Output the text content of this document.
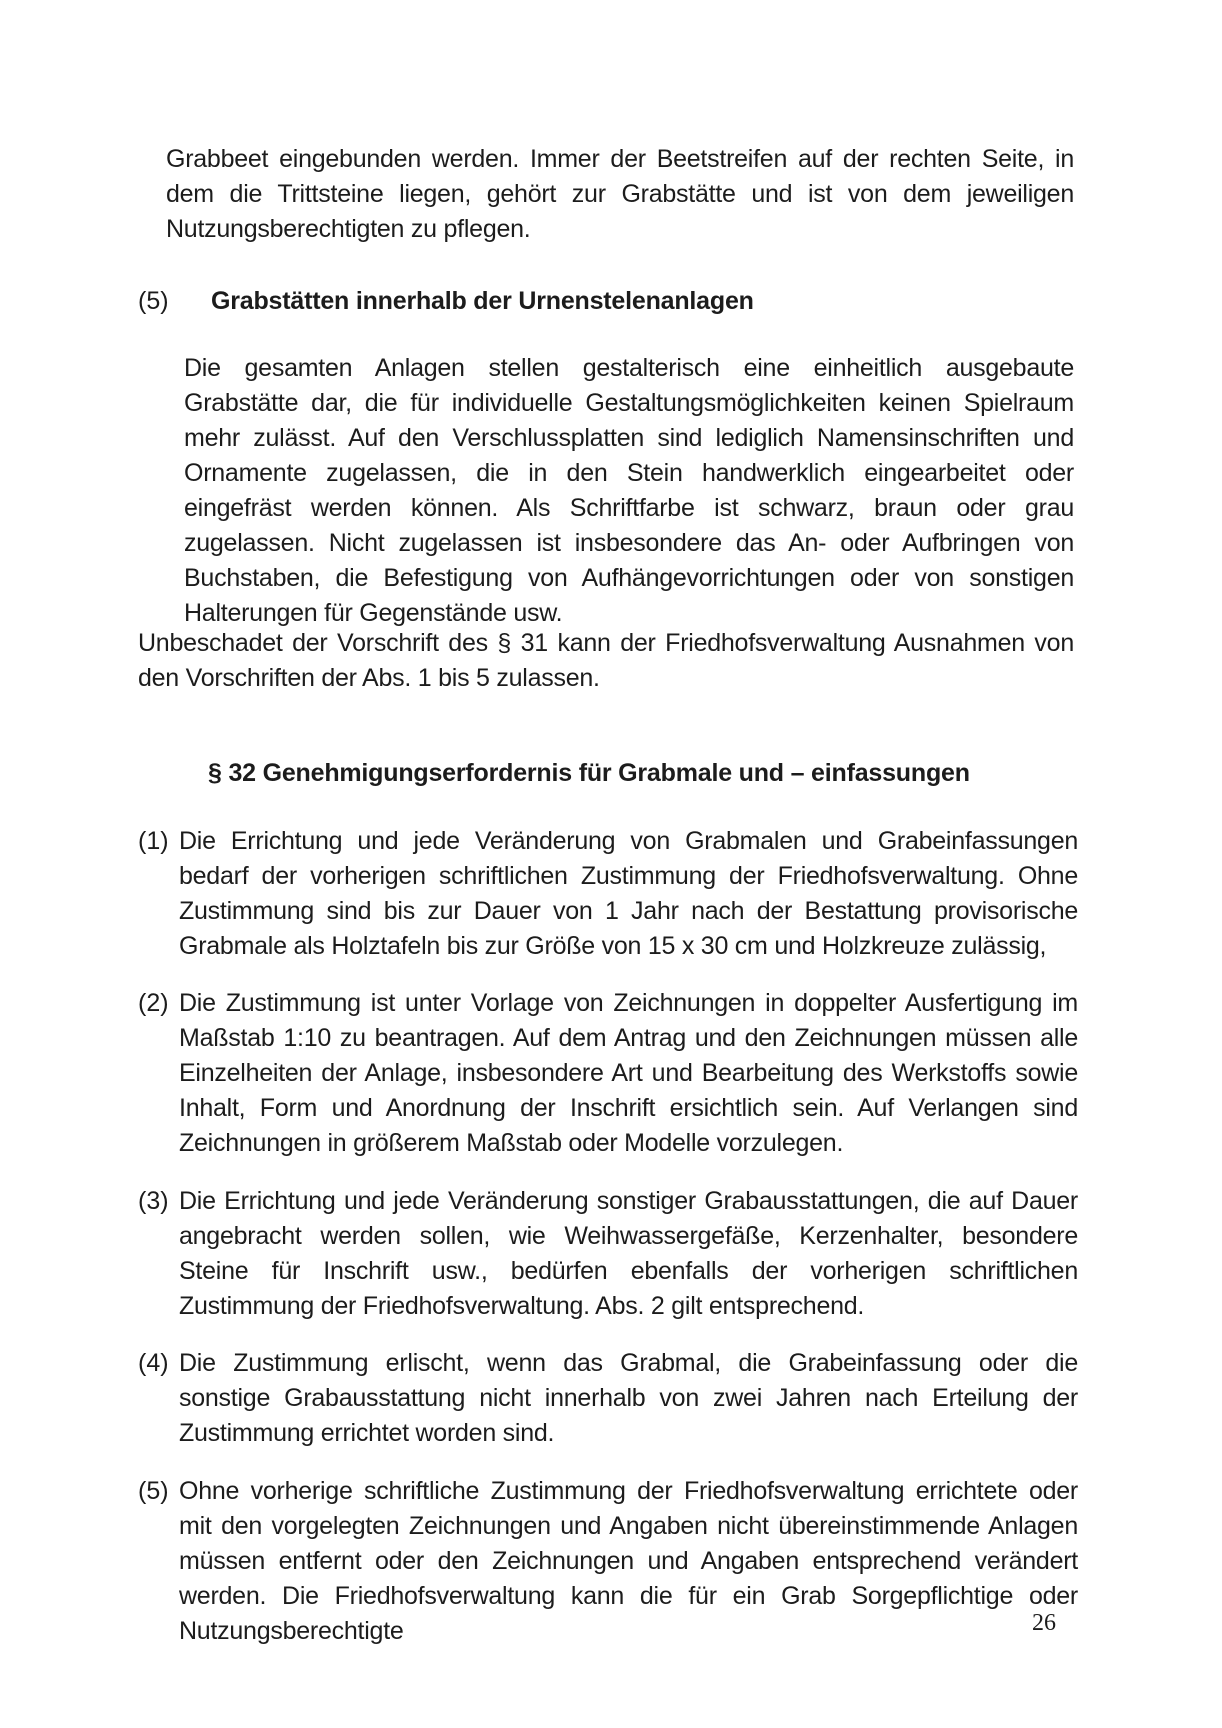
Grabbeet eingebunden werden. Immer der Beetstreifen auf der rechten Seite, in dem die Trittsteine liegen, gehört zur Grabstätte und ist von dem jeweiligen Nutzungsberechtigten zu pflegen.

(5) Grabstätten innerhalb der Urnenstelenanlagen

Die gesamten Anlagen stellen gestalterisch eine einheitlich ausgebaute Grabstätte dar, die für individuelle Gestaltungsmöglichkeiten keinen Spielraum mehr zulässt. Auf den Verschlussplatten sind lediglich Namensinschriften und Ornamente zugelassen, die in den Stein handwerklich eingearbeitet oder eingefräst werden können. Als Schriftfarbe ist schwarz, braun oder grau zugelassen. Nicht zugelassen ist insbesondere das An- oder Aufbringen von Buchstaben, die Befestigung von Aufhängevorrichtungen oder von sonstigen Halterungen für Gegenstände usw.

Unbeschadet der Vorschrift des § 31 kann der Friedhofsverwaltung Ausnahmen von den Vorschriften der Abs. 1 bis 5 zulassen.

§ 32 Genehmigungserfordernis für Grabmale und – einfassungen

(1) Die Errichtung und jede Veränderung von Grabmalen und Grabeinfassungen bedarf der vorherigen schriftlichen Zustimmung der Friedhofsverwaltung. Ohne Zustimmung sind bis zur Dauer von 1 Jahr nach der Bestattung provisorische Grabmale als Holztafeln bis zur Größe von 15 x 30 cm und Holzkreuze zulässig,

(2) Die Zustimmung ist unter Vorlage von Zeichnungen in doppelter Ausfertigung im Maßstab 1:10 zu beantragen. Auf dem Antrag und den Zeichnungen müssen alle Einzelheiten der Anlage, insbesondere Art und Bearbeitung des Werkstoffs sowie Inhalt, Form und Anordnung der Inschrift ersichtlich sein. Auf Verlangen sind Zeichnungen in größerem Maßstab oder Modelle vorzulegen.

(3) Die Errichtung und jede Veränderung sonstiger Grabausstattungen, die auf Dauer angebracht werden sollen, wie Weihwassergefäße, Kerzenhalter, besondere Steine für Inschrift usw., bedürfen ebenfalls der vorherigen schriftlichen Zustimmung der Friedhofsverwaltung. Abs. 2 gilt entsprechend.

(4) Die Zustimmung erlischt, wenn das Grabmal, die Grabeinfassung oder die sonstige Grabausstattung nicht innerhalb von zwei Jahren nach Erteilung der Zustimmung errichtet worden sind.

(5) Ohne vorherige schriftliche Zustimmung der Friedhofsverwaltung errichtete oder mit den vorgelegten Zeichnungen und Angaben nicht übereinstimmende Anlagen müssen entfernt oder den Zeichnungen und Angaben entsprechend verändert werden. Die Friedhofsverwaltung kann die für ein Grab Sorgepflichtige oder Nutzungsberechtigte	26
